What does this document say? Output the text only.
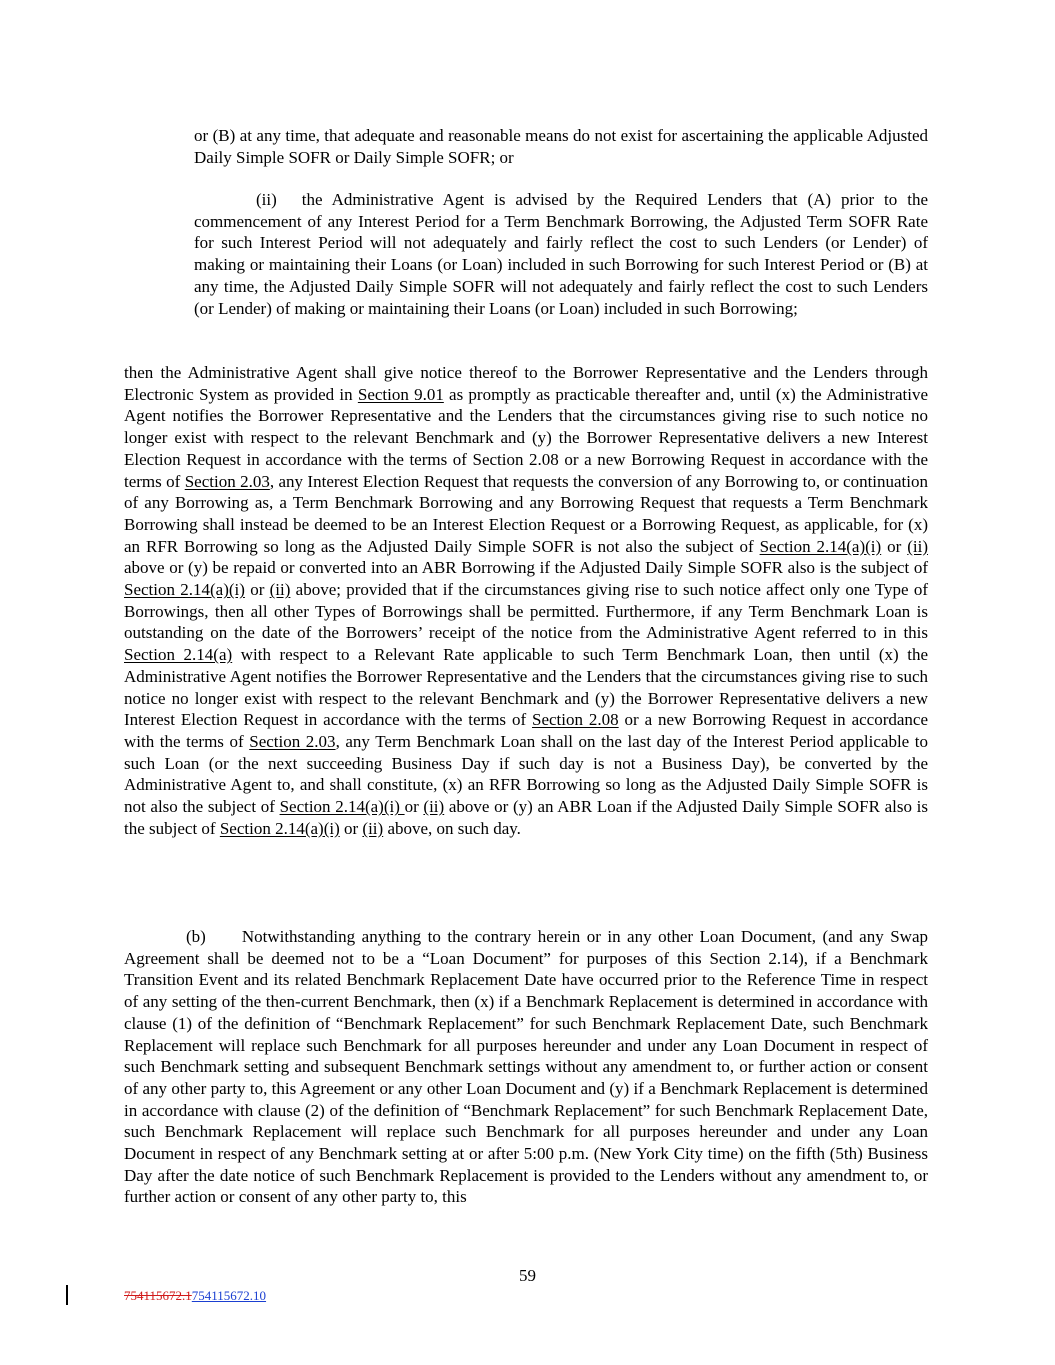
or (B) at any time, that adequate and reasonable means do not exist for ascertaining the applicable Adjusted Daily Simple SOFR or Daily Simple SOFR; or

(ii) the Administrative Agent is advised by the Required Lenders that (A) prior to the commencement of any Interest Period for a Term Benchmark Borrowing, the Adjusted Term SOFR Rate for such Interest Period will not adequately and fairly reflect the cost to such Lenders (or Lender) of making or maintaining their Loans (or Loan) included in such Borrowing for such Interest Period or (B) at any time, the Adjusted Daily Simple SOFR will not adequately and fairly reflect the cost to such Lenders (or Lender) of making or maintaining their Loans (or Loan) included in such Borrowing;

then the Administrative Agent shall give notice thereof to the Borrower Representative and the Lenders through Electronic System as provided in Section 9.01 as promptly as practicable thereafter and, until (x) the Administrative Agent notifies the Borrower Representative and the Lenders that the circumstances giving rise to such notice no longer exist with respect to the relevant Benchmark and (y) the Borrower Representative delivers a new Interest Election Request in accordance with the terms of Section 2.08 or a new Borrowing Request in accordance with the terms of Section 2.03, any Interest Election Request that requests the conversion of any Borrowing to, or continuation of any Borrowing as, a Term Benchmark Borrowing and any Borrowing Request that requests a Term Benchmark Borrowing shall instead be deemed to be an Interest Election Request or a Borrowing Request, as applicable, for (x) an RFR Borrowing so long as the Adjusted Daily Simple SOFR is not also the subject of Section 2.14(a)(i) or (ii) above or (y) be repaid or converted into an ABR Borrowing if the Adjusted Daily Simple SOFR also is the subject of Section 2.14(a)(i) or (ii) above; provided that if the circumstances giving rise to such notice affect only one Type of Borrowings, then all other Types of Borrowings shall be permitted. Furthermore, if any Term Benchmark Loan is outstanding on the date of the Borrowers’ receipt of the notice from the Administrative Agent referred to in this Section 2.14(a) with respect to a Relevant Rate applicable to such Term Benchmark Loan, then until (x) the Administrative Agent notifies the Borrower Representative and the Lenders that the circumstances giving rise to such notice no longer exist with respect to the relevant Benchmark and (y) the Borrower Representative delivers a new Interest Election Request in accordance with the terms of Section 2.08 or a new Borrowing Request in accordance with the terms of Section 2.03, any Term Benchmark Loan shall on the last day of the Interest Period applicable to such Loan (or the next succeeding Business Day if such day is not a Business Day), be converted by the Administrative Agent to, and shall constitute, (x) an RFR Borrowing so long as the Adjusted Daily Simple SOFR is not also the subject of Section 2.14(a)(i) or (ii) above or (y) an ABR Loan if the Adjusted Daily Simple SOFR also is the subject of Section 2.14(a)(i) or (ii) above, on such day.

(b) Notwithstanding anything to the contrary herein or in any other Loan Document, (and any Swap Agreement shall be deemed not to be a “Loan Document” for purposes of this Section 2.14), if a Benchmark Transition Event and its related Benchmark Replacement Date have occurred prior to the Reference Time in respect of any setting of the then-current Benchmark, then (x) if a Benchmark Replacement is determined in accordance with clause (1) of the definition of “Benchmark Replacement” for such Benchmark Replacement Date, such Benchmark Replacement will replace such Benchmark for all purposes hereunder and under any Loan Document in respect of such Benchmark setting and subsequent Benchmark settings without any amendment to, or further action or consent of any other party to, this Agreement or any other Loan Document and (y) if a Benchmark Replacement is determined in accordance with clause (2) of the definition of “Benchmark Replacement” for such Benchmark Replacement Date, such Benchmark Replacement will replace such Benchmark for all purposes hereunder and under any Loan Document in respect of any Benchmark setting at or after 5:00 p.m. (New York City time) on the fifth (5th) Business Day after the date notice of such Benchmark Replacement is provided to the Lenders without any amendment to, or further action or consent of any other party to, this

59
754115672.1754115672.10
